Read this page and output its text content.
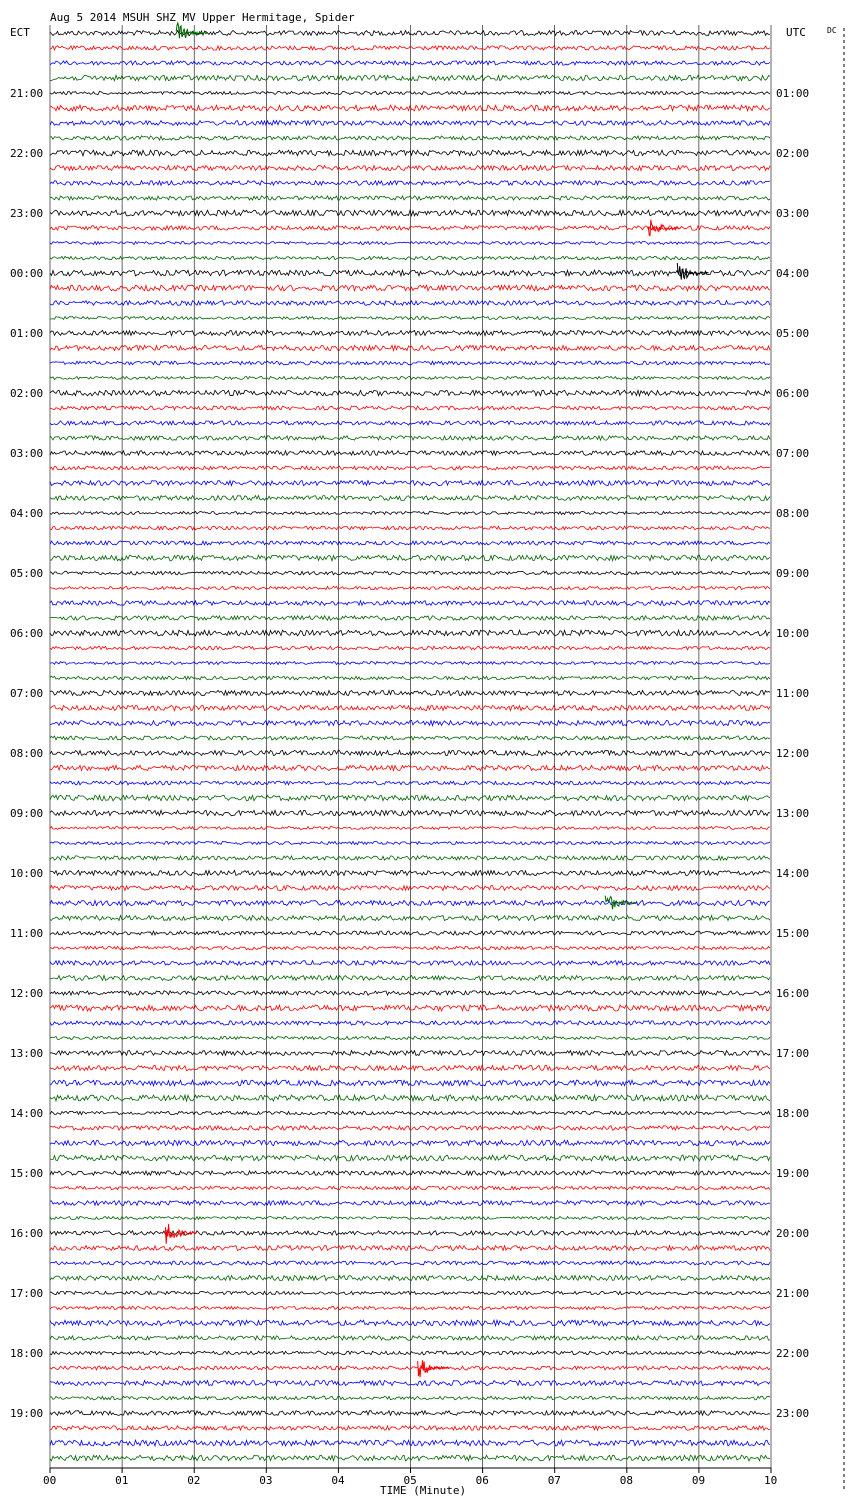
Aug 5 2014 MSUH SHZ MV Upper Hermitage, Spider
ECT	UTC	DC
21:00
22:00
23:00
00:00
01:00
02:00
03:00
04:00
05:00
06:00
07:00
08:00
09:00
10:00
11:00
12:00
13:00
14:00
15:00
16:00
17:00
18:00
19:00
01:00
02:00
03:00
04:00
05:00
06:00
07:00
08:00
09:00
10:00
11:00
12:00
13:00
14:00
15:00
16:00
17:00
18:00
19:00
20:00
21:00
22:00
23:00
00	01	02	03	04	05	06	07	08	09	10
TIME (Minute)
